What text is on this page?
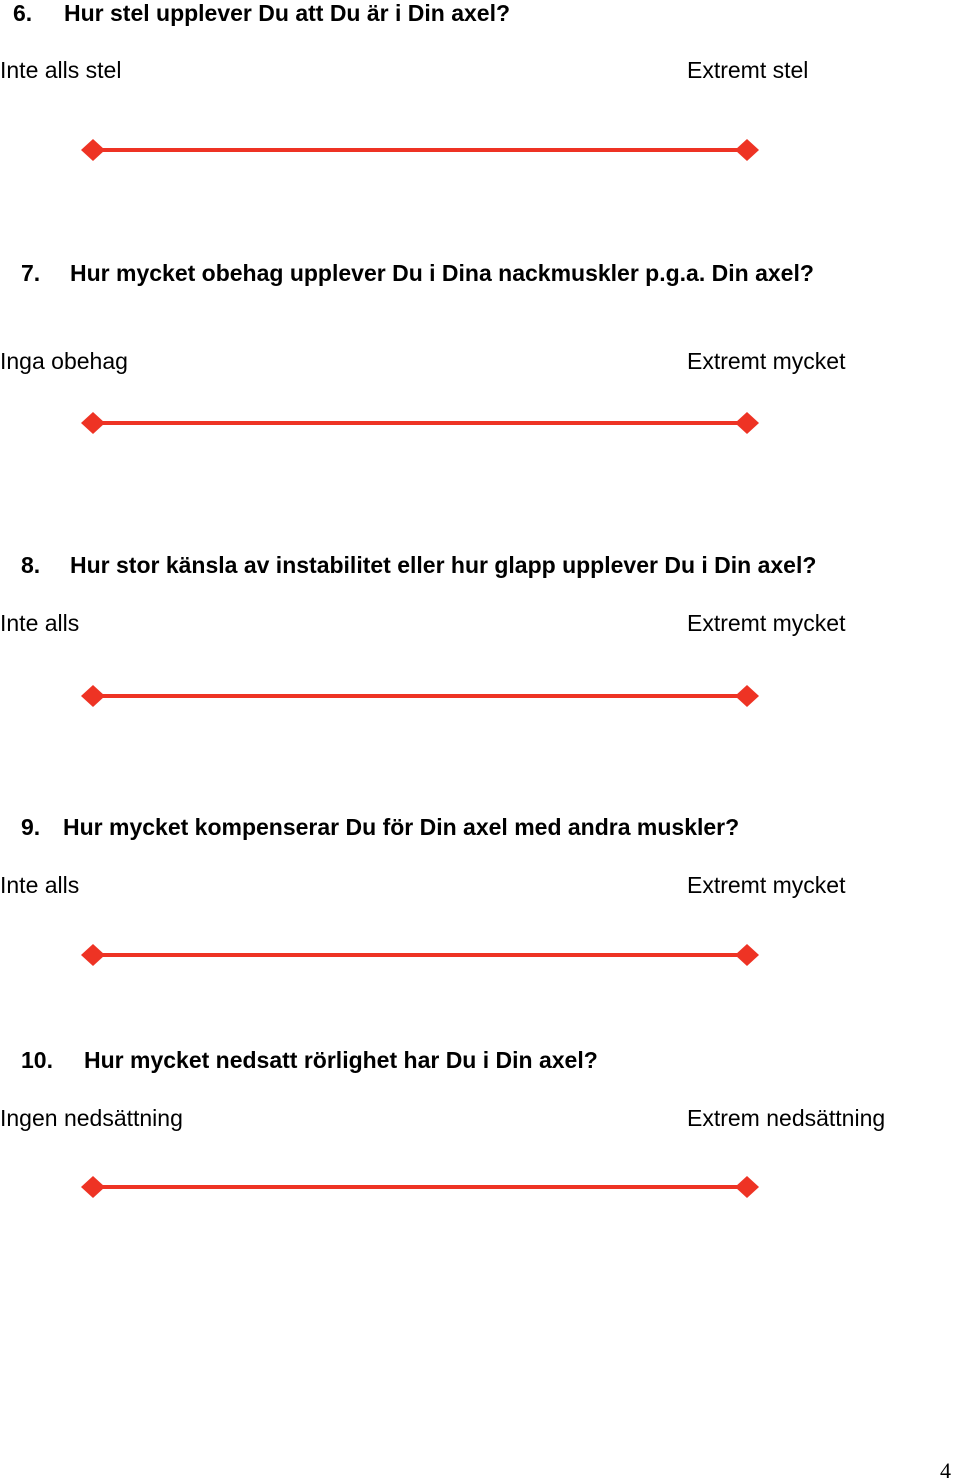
6. Hur stel upplever Du att Du är i Din axel?
Inte alls stel	Extremt stel
7. Hur mycket obehag upplever Du i Dina nackmuskler p.g.a. Din axel?
Inga obehag	Extremt mycket
8. Hur stor känsla av instabilitet eller hur glapp upplever Du i Din axel?
Inte alls	Extremt mycket
9. Hur mycket kompenserar Du för Din axel med andra muskler?
Inte alls	Extremt mycket
10. Hur mycket nedsatt rörlighet har Du i Din axel?
Ingen nedsättning	Extrem nedsättning
4
